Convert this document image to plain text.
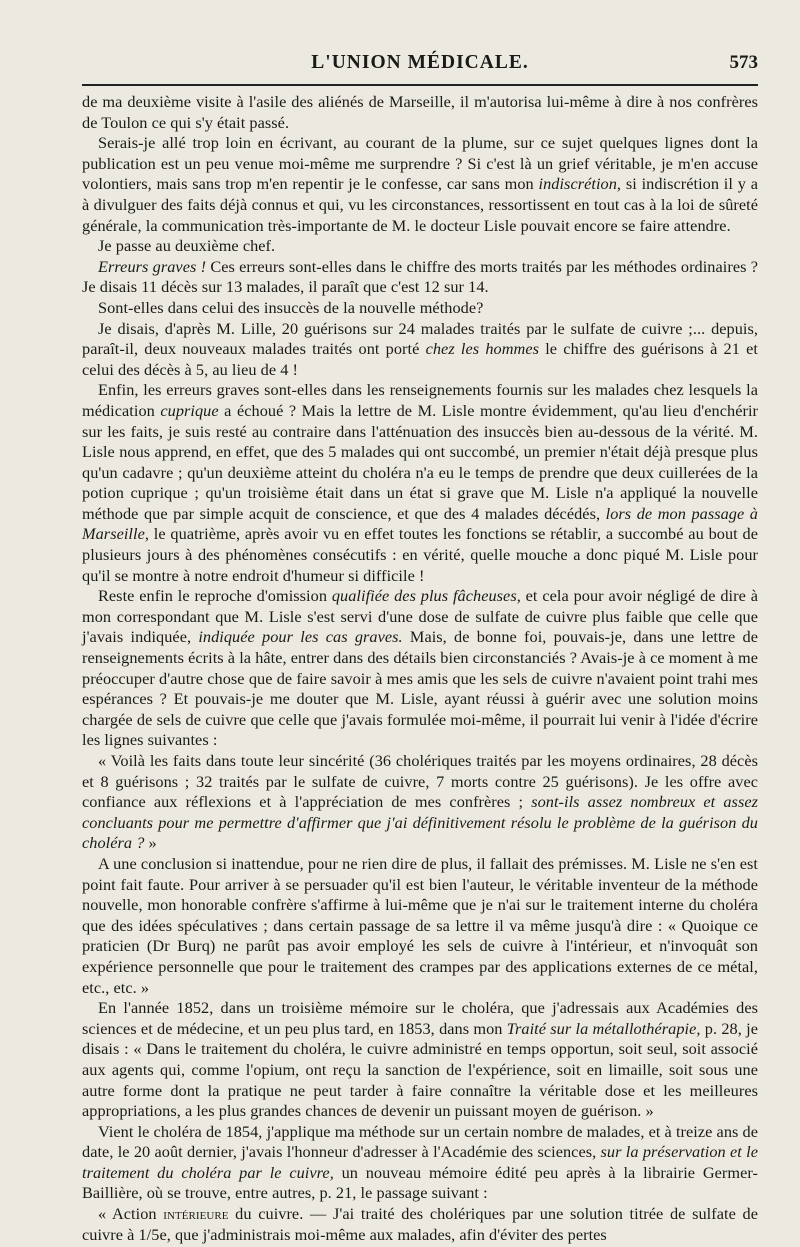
L'UNION MÉDICALE.	573

de ma deuxième visite à l'asile des aliénés de Marseille, il m'autorisa lui-même à dire à nos confrères de Toulon ce qui s'y était passé.

Serais-je allé trop loin en écrivant, au courant de la plume, sur ce sujet quelques lignes dont la publication est un peu venue moi-même me surprendre ? Si c'est là un grief véritable, je m'en accuse volontiers, mais sans trop m'en repentir je le confesse, car sans mon indiscrétion, si indiscrétion il y a à divulguer des faits déjà connus et qui, vu les circonstances, ressortissent en tout cas à la loi de sûreté générale, la communication très-importante de M. le docteur Lisle pouvait encore se faire attendre.

Je passe au deuxième chef.

Erreurs graves ! Ces erreurs sont-elles dans le chiffre des morts traités par les méthodes ordinaires ? Je disais 11 décès sur 13 malades, il paraît que c'est 12 sur 14.

Sont-elles dans celui des insuccès de la nouvelle méthode?

Je disais, d'après M. Lille, 20 guérisons sur 24 malades traités par le sulfate de cuivre ;... depuis, paraît-il, deux nouveaux malades traités ont porté chez les hommes le chiffre des guérisons à 21 et celui des décès à 5, au lieu de 4 !

Enfin, les erreurs graves sont-elles dans les renseignements fournis sur les malades chez lesquels la médication cuprique a échoué ? Mais la lettre de M. Lisle montre évidemment, qu'au lieu d'enchérir sur les faits, je suis resté au contraire dans l'atténuation des insuccès bien au-dessous de la vérité. M. Lisle nous apprend, en effet, que des 5 malades qui ont succombé, un premier n'était déjà presque plus qu'un cadavre ; qu'un deuxième atteint du choléra n'a eu le temps de prendre que deux cuillerées de la potion cuprique ; qu'un troisième était dans un état si grave que M. Lisle n'a appliqué la nouvelle méthode que par simple acquit de conscience, et que des 4 malades décédés, lors de mon passage à Marseille, le quatrième, après avoir vu en effet toutes les fonctions se rétablir, a succombé au bout de plusieurs jours à des phénomènes consécutifs : en vérité, quelle mouche a donc piqué M. Lisle pour qu'il se montre à notre endroit d'humeur si difficile !

Reste enfin le reproche d'omission qualifiée des plus fâcheuses, et cela pour avoir négligé de dire à mon correspondant que M. Lisle s'est servi d'une dose de sulfate de cuivre plus faible que celle que j'avais indiquée, indiquée pour les cas graves. Mais, de bonne foi, pouvais-je, dans une lettre de renseignements écrits à la hâte, entrer dans des détails bien circonstanciés ? Avais-je à ce moment à me préoccuper d'autre chose que de faire savoir à mes amis que les sels de cuivre n'avaient point trahi mes espérances ? Et pouvais-je me douter que M. Lisle, ayant réussi à guérir avec une solution moins chargée de sels de cuivre que celle que j'avais formulée moi-même, il pourrait lui venir à l'idée d'écrire les lignes suivantes :

« Voilà les faits dans toute leur sincérité (36 cholériques traités par les moyens ordinaires, 28 décès et 8 guérisons ; 32 traités par le sulfate de cuivre, 7 morts contre 25 guérisons). Je les offre avec confiance aux réflexions et à l'appréciation de mes confrères ; sont-ils assez nombreux et assez concluants pour me permettre d'affirmer que j'ai définitivement résolu le problème de la guérison du choléra ? »

A une conclusion si inattendue, pour ne rien dire de plus, il fallait des prémisses. M. Lisle ne s'en est point fait faute. Pour arriver à se persuader qu'il est bien l'auteur, le véritable inventeur de la méthode nouvelle, mon honorable confrère s'affirme à lui-même que je n'ai sur le traitement interne du choléra que des idées spéculatives ; dans certain passage de sa lettre il va même jusqu'à dire : « Quoique ce praticien (Dr Burq) ne parût pas avoir employé les sels de cuivre à l'intérieur, et n'invoquât son expérience personnelle que pour le traitement des crampes par des applications externes de ce métal, etc., etc. »

En l'année 1852, dans un troisième mémoire sur le choléra, que j'adressais aux Académies des sciences et de médecine, et un peu plus tard, en 1853, dans mon Traité sur la métallothérapie, p. 28, je disais : « Dans le traitement du choléra, le cuivre administré en temps opportun, soit seul, soit associé aux agents qui, comme l'opium, ont reçu la sanction de l'expérience, soit en limaille, soit sous une autre forme dont la pratique ne peut tarder à faire connaître la véritable dose et les meilleures appropriations, a les plus grandes chances de devenir un puissant moyen de guérison. »

Vient le choléra de 1854, j'applique ma méthode sur un certain nombre de malades, et à treize ans de date, le 20 août dernier, j'avais l'honneur d'adresser à l'Académie des sciences, sur la préservation et le traitement du choléra par le cuivre, un nouveau mémoire édité peu après à la librairie Germer-Baillière, où se trouve, entre autres, p. 21, le passage suivant :

« Action intérieure du cuivre. — J'ai traité des cholériques par une solution titrée de sulfate de cuivre à 1/5e, que j'administrais moi-même aux malades, afin d'éviter des pertes
